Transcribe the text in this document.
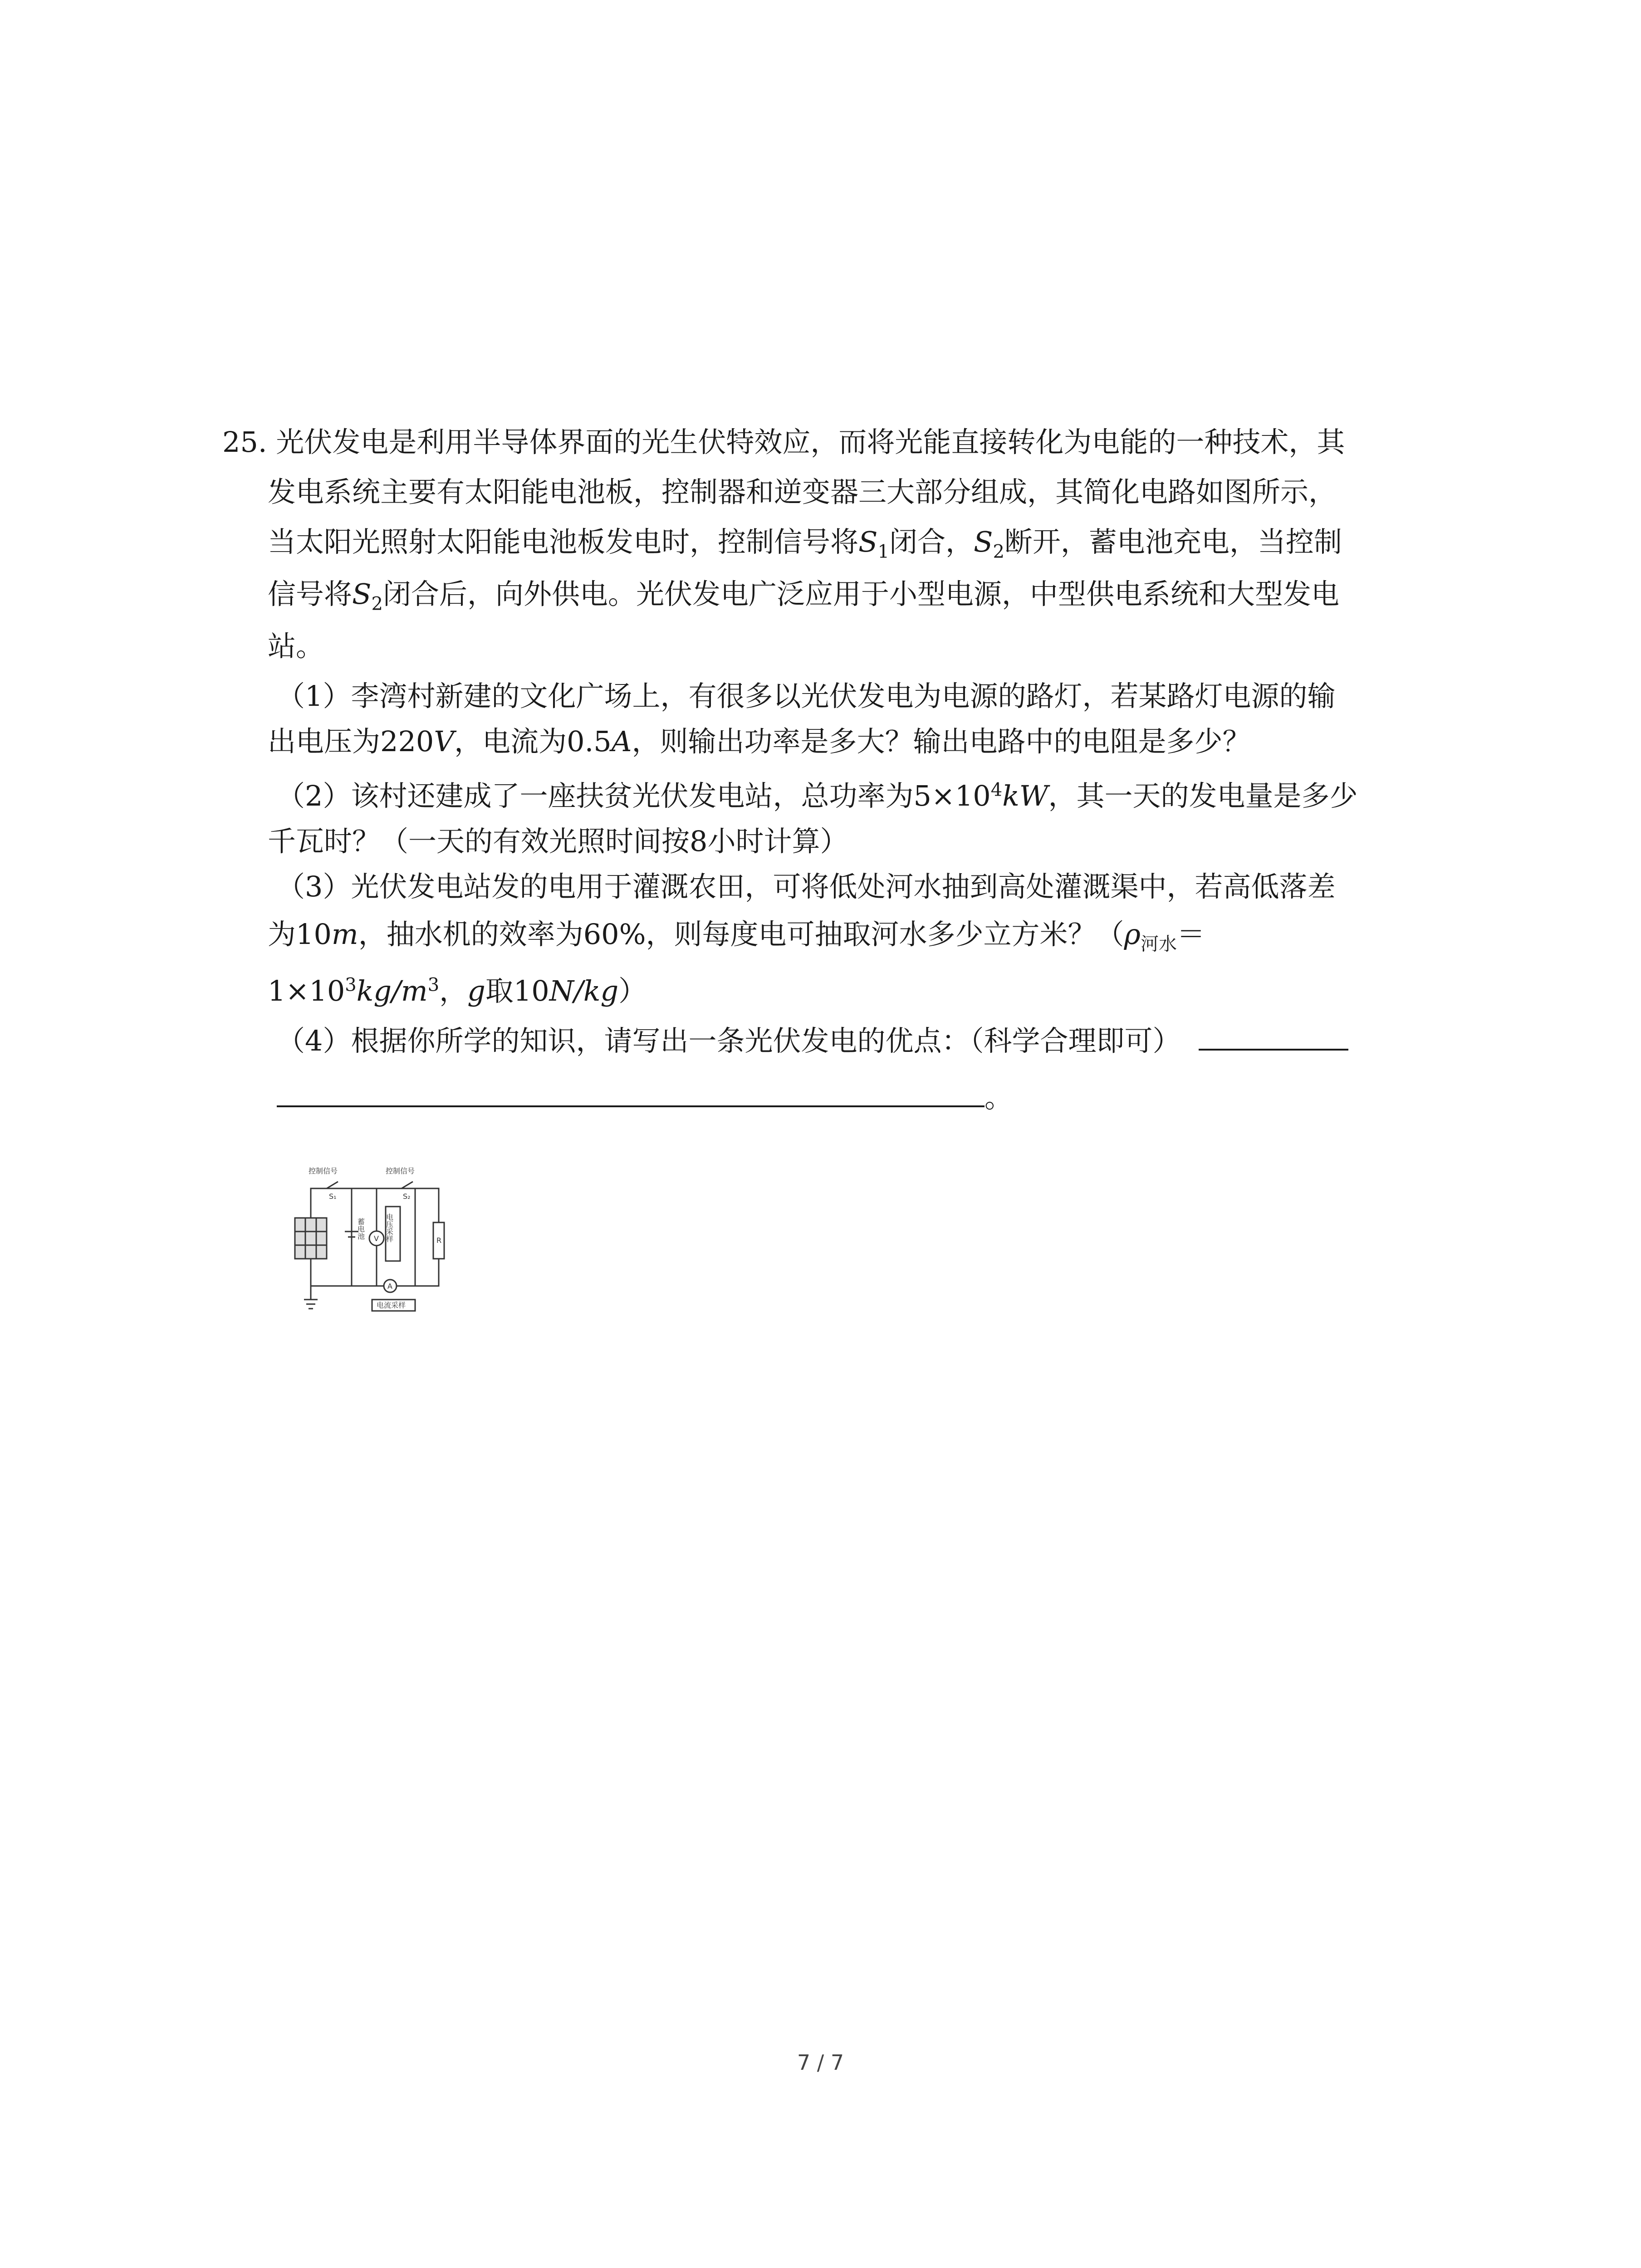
25. 光伏发电是利用半导体界面的光生伏特效应，而将光能直接转化为电能的一种技术，其
发电系统主要有太阳能电池板，控制器和逆变器三大部分组成，其简化电路如图所示，
当太阳光照射太阳能电池板发电时，控制信号将$S_1$闭合，$S_2$断开，蓄电池充电，当控制
信号将$S_2$闭合后，向外供电。光伏发电广泛应用于小型电源，中型供电系统和大型发电
站。
（1）李湾村新建的文化广场上，有很多以光伏发电为电源的路灯，若某路灯电源的输
出电压为220V，电流为0.5A，则输出功率是多大？输出电路中的电阻是多少？
（2）该村还建成了一座扶贫光伏发电站，总功率为$5\times 10^4kW$，其一天的发电量是多少
千瓦时？（一天的有效光照时间按8小时计算）
（3）光伏发电站发的电用于灌溉农田，可将低处河水抽到高处灌溉渠中，若高低落差
为10m，抽水机的效率为60%，则每度电可抽取河水多少立方米？（$\rho_{河水}=$
$1\times 10^3kg/m^3$，g取10N/kg）
（4）根据你所学的知识，请写出一条光伏发电的优点：（科学合理即可）
。
控制信号	控制信号
S₁	S₂
蓄电池 V 电压采样	R
A
电流采样
7 / 7
